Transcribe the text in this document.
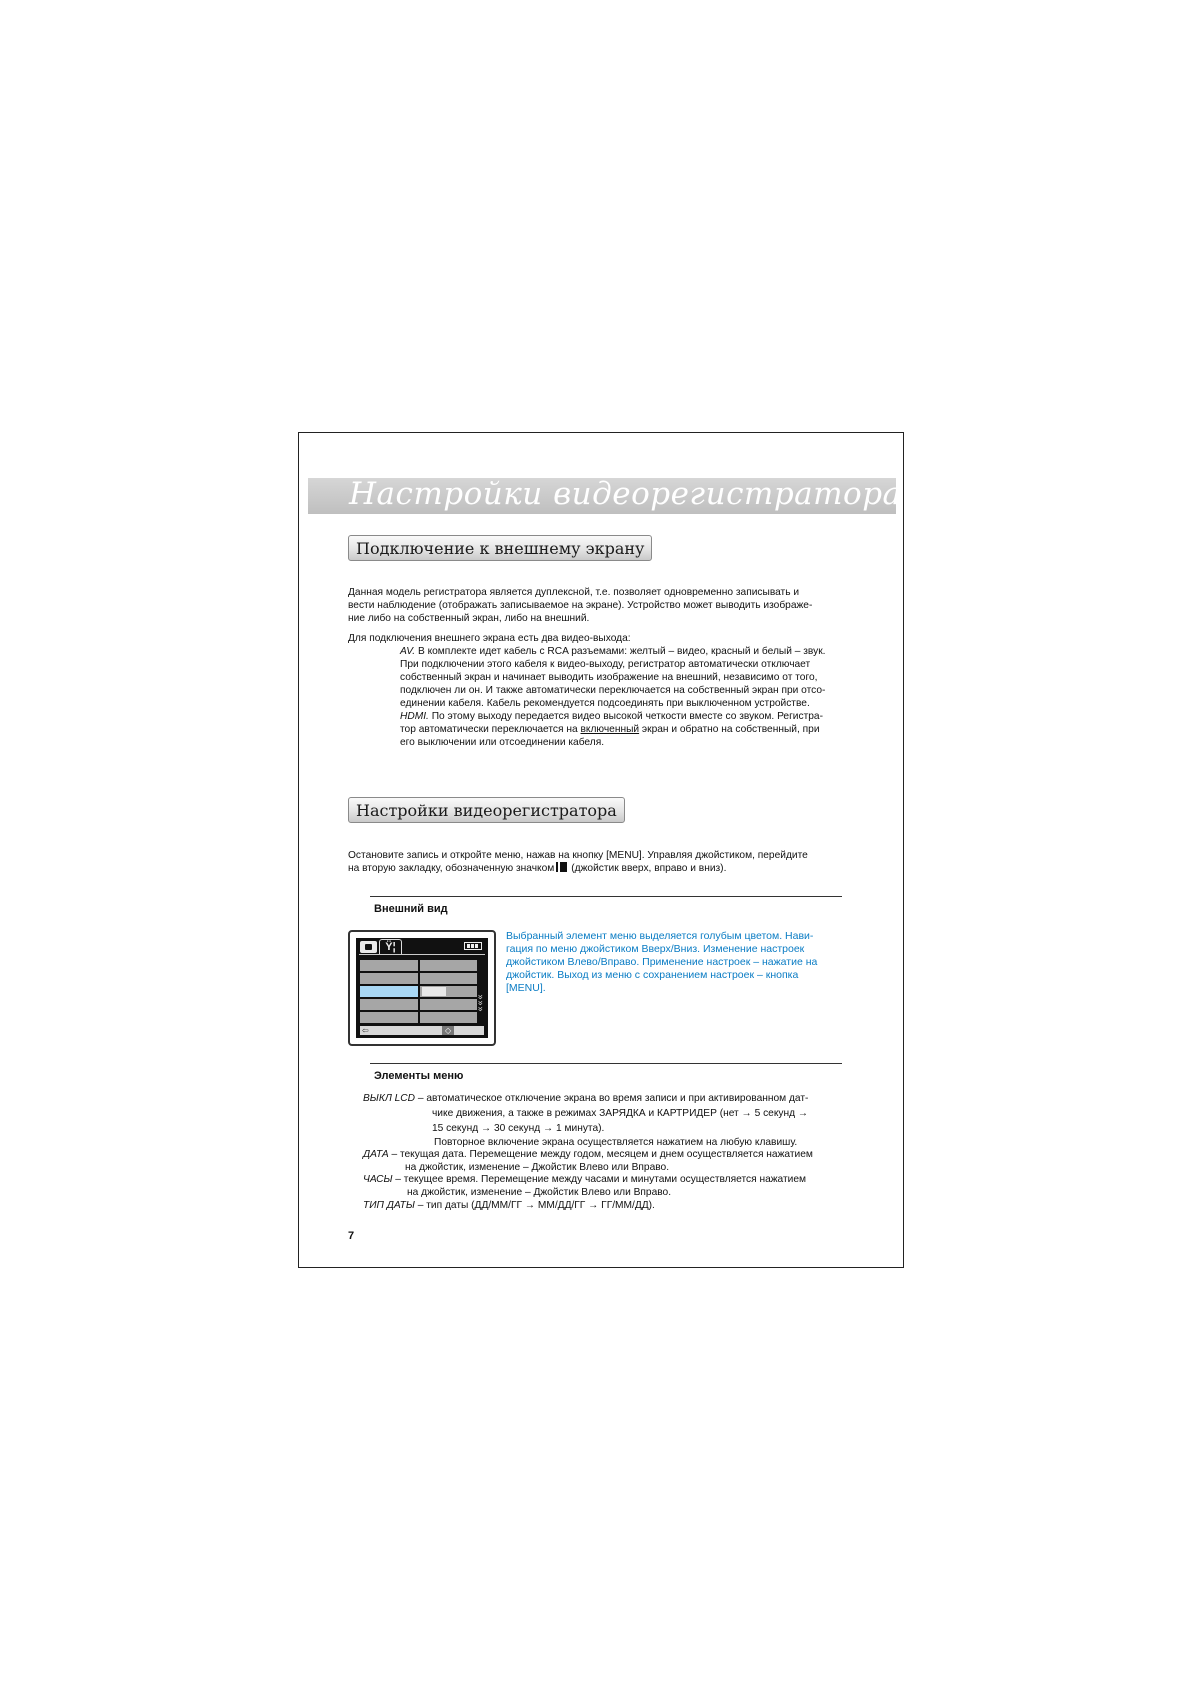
Настройки видеорегистратора
Подключение к внешнему экрану

Данная модель регистратора является дуплексной, т.е. позволяет одновременно записывать и

вести наблюдение (отображать записываемое на экране). Устройство может выводить изображе-

ние либо на собственный экран, либо на внешний.

Для подключения внешнего экрана есть два видео-выхода:

AV. В комплекте идет кабель с RCA разъемами: желтый – видео, красный и белый – звук.

При подключении этого кабеля к видео-выходу, регистратор автоматически отключает

собственный экран и начинает выводить изображение на внешний, независимо от того,

подключен ли он. И также автоматически переключается на собственный экран при отсо-

единении кабеля. Кабель рекомендуется подсоединять при выключенном устройстве.

HDMI. По этому выходу передается видео высокой четкости вместе со звуком. Регистра-

тор автоматически переключается на включенный экран и обратно на собственный, при

его выключении или отсоединении кабеля.

Настройки видеорегистратора

Остановите запись и откройте меню, нажав на кнопку [MENU]. Управляя джойстиком, перейдите

на вторую закладку, обозначенную значком (джойстик вверх, вправо и вниз).

Внешний вид
Ÿ¦
»
»
»
⇦	◇

Выбранный элемент меню выделяется голубым цветом. Нави-

гация по меню джойстиком Вверх/Вниз. Изменение настроек

джойстиком Влево/Вправо. Применение настроек – нажатие на

джойстик. Выход из меню с сохранением настроек – кнопка

[MENU].

Элементы меню

ВЫКЛ LCD – автоматическое отключение экрана во время записи и при активированном дат-

чике движения, а также в режимах ЗАРЯДКА и КАРТРИДЕР (нет → 5 секунд →

15 секунд → 30 секунд → 1 минута).

Повторное включение экрана осуществляется нажатием на любую клавишу.

ДАТА – текущая дата. Перемещение между годом, месяцем и днем осуществляется нажатием

на джойстик, изменение – Джойстик Влево или Вправо.

ЧАСЫ – текущее время. Перемещение между часами и минутами осуществляется нажатием

на джойстик, изменение – Джойстик Влево или Вправо.

ТИП ДАТЫ – тип даты (ДД/ММ/ГГ → ММ/ДД/ГГ → ГГ/ММ/ДД).

7
